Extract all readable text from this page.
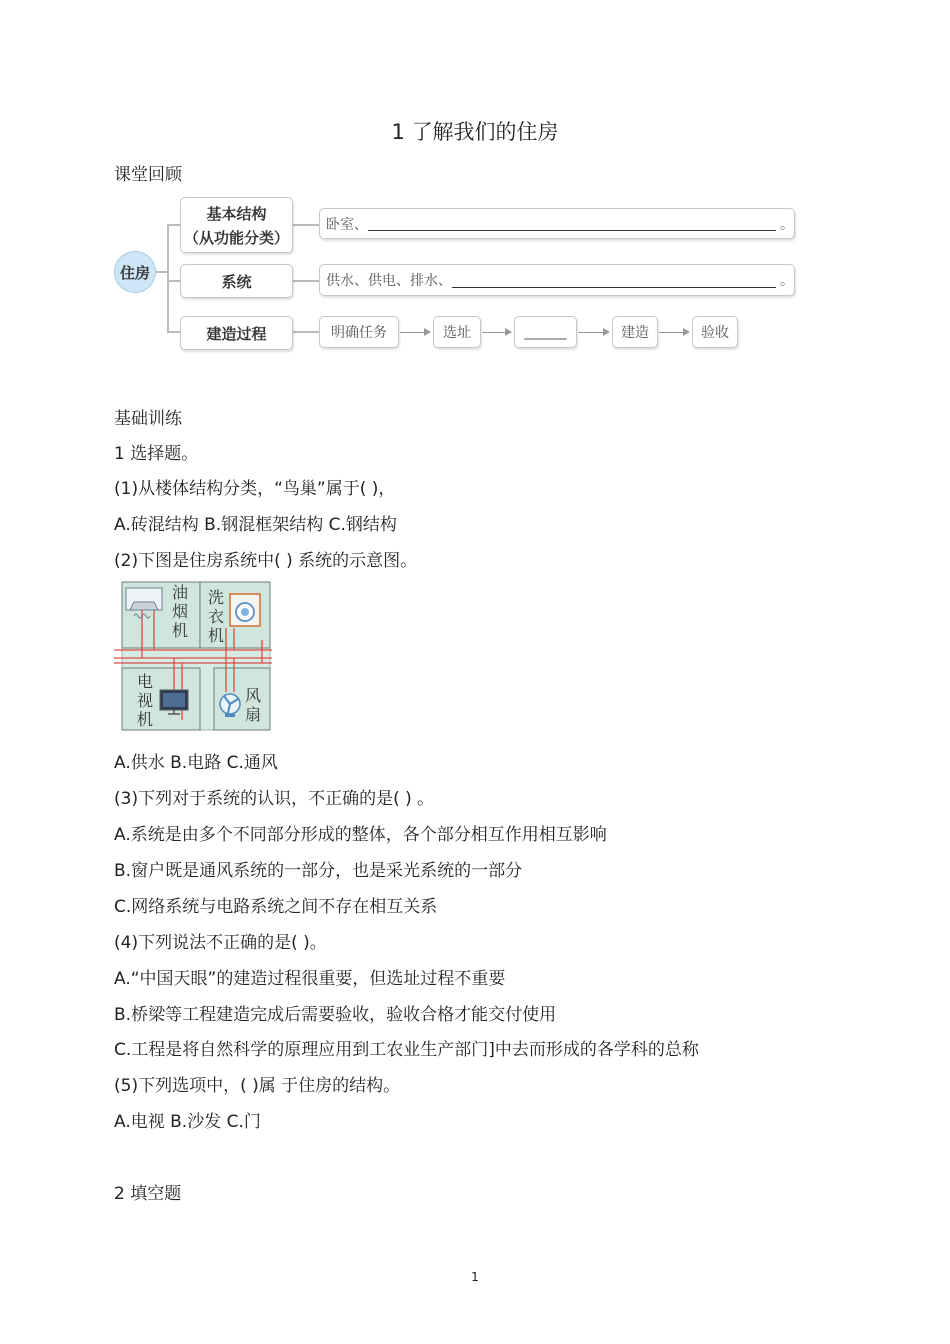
1 了解我们的住房
课堂回顾
住房
基本结构
（从功能分类）
卧室、	。
系统	供水、供电、排水、	。
建造过程	明确任务	选址	______	建造	验收
基础训练
1 选择题。
(1)从楼体结构分类，“鸟巢”属于( )，
A.砖混结构 B.钢混框架结构 C.钢结构
(2)下图是住房系统中( ) 系统的示意图。
油烟机
洗衣机
电视机
风扇
A.供水 B.电路 C.通风
(3)下列对于系统的认识，不正确的是( ) 。
A.系统是由多个不同部分形成的整体，各个部分相互作用相互影响
B.窗户既是通风系统的一部分，也是采光系统的一部分
C.网络系统与电路系统之间不存在相互关系
(4)下列说法不正确的是( )。
A.“中国天眼”的建造过程很重要，但选址过程不重要
B.桥梁等工程建造完成后需要验收，验收合格才能交付使用
C.工程是将自然科学的原理应用到工农业生产部门]中去而形成的各学科的总称
(5)下列选项中，( )属 于住房的结构。
A.电视 B.沙发 C.门
2 填空题
1
